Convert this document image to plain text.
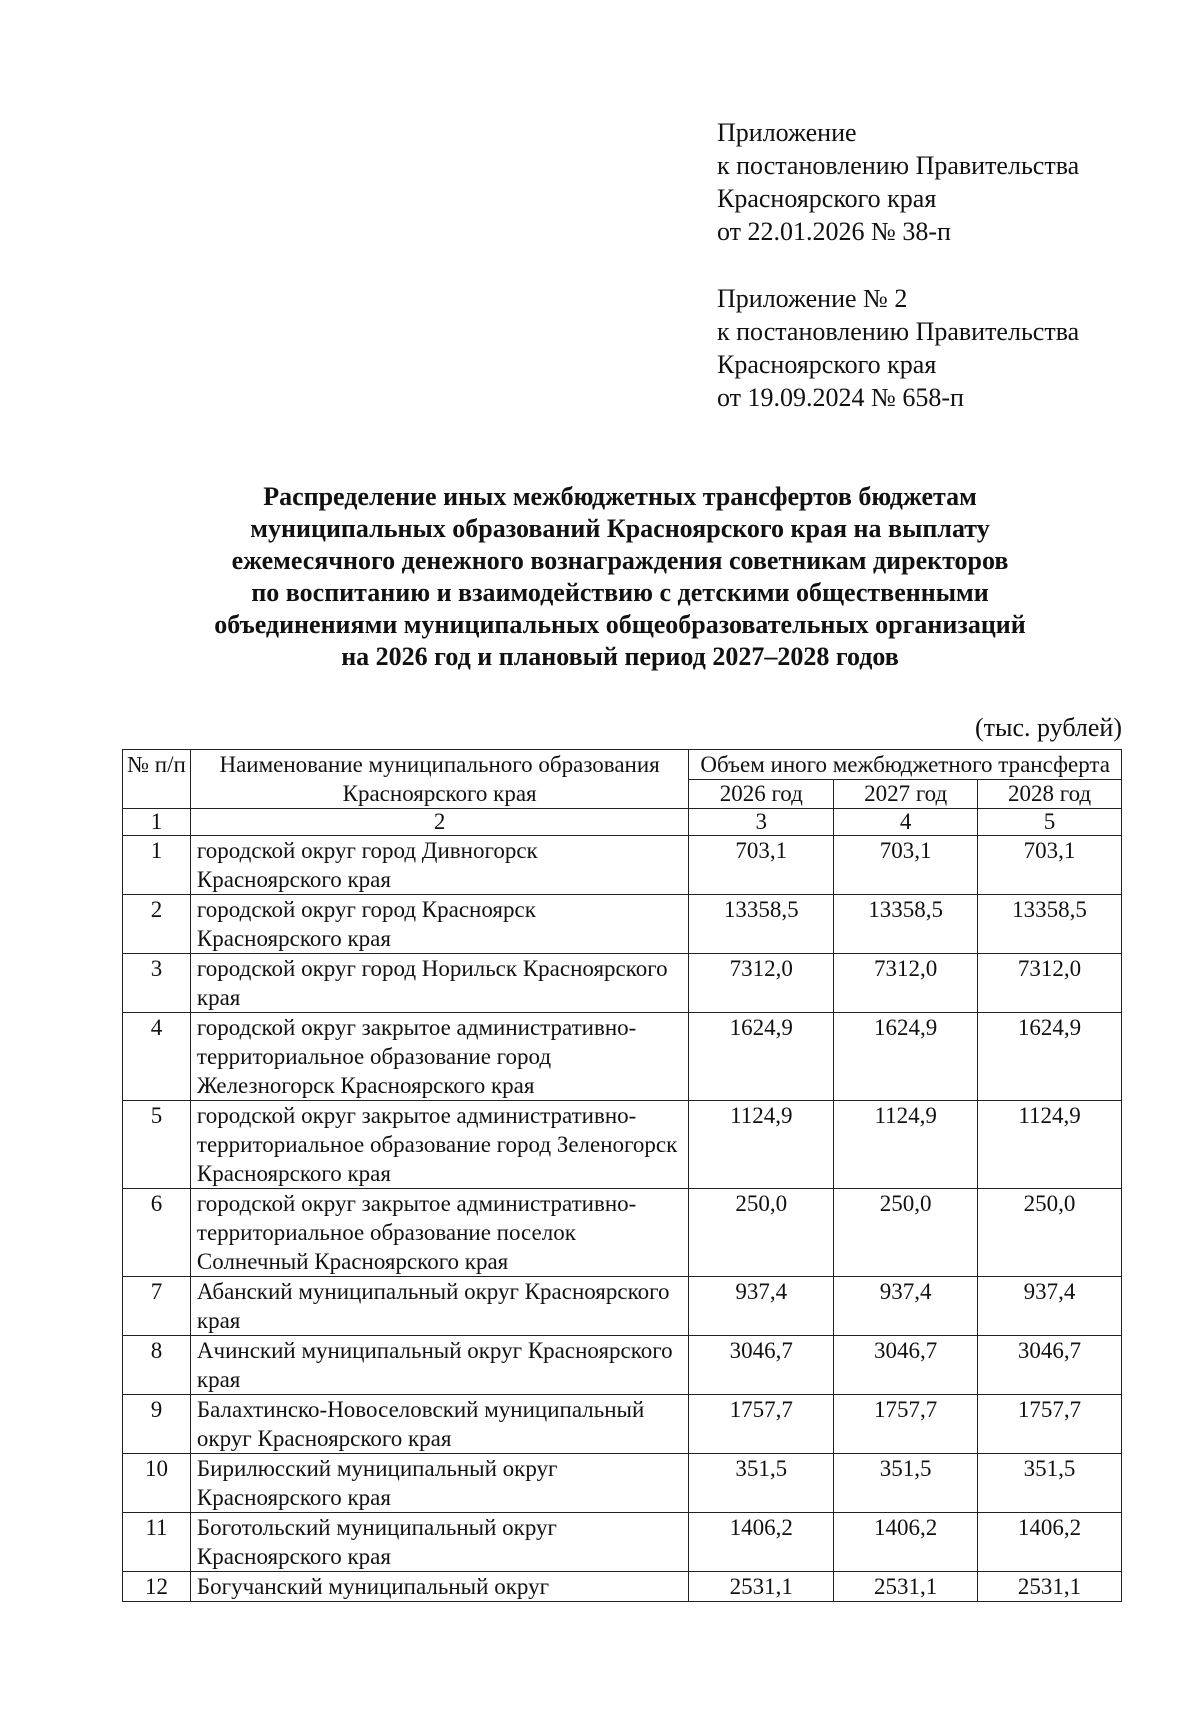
Приложение
к постановлению Правительства
Красноярского края
от 22.01.2026 № 38-п
Приложение № 2
к постановлению Правительства
Красноярского края
от 19.09.2024 № 658-п
Распределение иных межбюджетных трансфертов бюджетам
муниципальных образований Красноярского края на выплату
ежемесячного денежного вознаграждения советникам директоров
по воспитанию и взаимодействию с детскими общественными
объединениями муниципальных общеобразовательных организаций
на 2026 год и плановый период 2027–2028 годов
(тыс. рублей)
№ п/п	Наименование муниципального образования Красноярского края	Объем иного межбюджетного трансферта		
		2026 год	2027 год	2028 год
1	2	3	4	5
1	городской округ город Дивногорск Красноярского края	703,1	703,1	703,1
2	городской округ город Красноярск Красноярского края	13358,5	13358,5	13358,5
3	городской округ город Норильск Красноярского края	7312,0	7312,0	7312,0
4	городской округ закрытое административно-территориальное образование город Железногорск Красноярского края	1624,9	1624,9	1624,9
5	городской округ закрытое административно-территориальное образование город Зеленогорск Красноярского края	1124,9	1124,9	1124,9
6	городской округ закрытое административно-территориальное образование поселок Солнечный Красноярского края	250,0	250,0	250,0
7	Абанский муниципальный округ Красноярского края	937,4	937,4	937,4
8	Ачинский муниципальный округ Красноярского края	3046,7	3046,7	3046,7
9	Балахтинско-Новоселовский муниципальный округ Красноярского края	1757,7	1757,7	1757,7
10	Бирилюсский муниципальный округ Красноярского края	351,5	351,5	351,5
11	Боготольский муниципальный округ Красноярского края	1406,2	1406,2	1406,2
12	Богучанский муниципальный округ	2531,1	2531,1	2531,1
